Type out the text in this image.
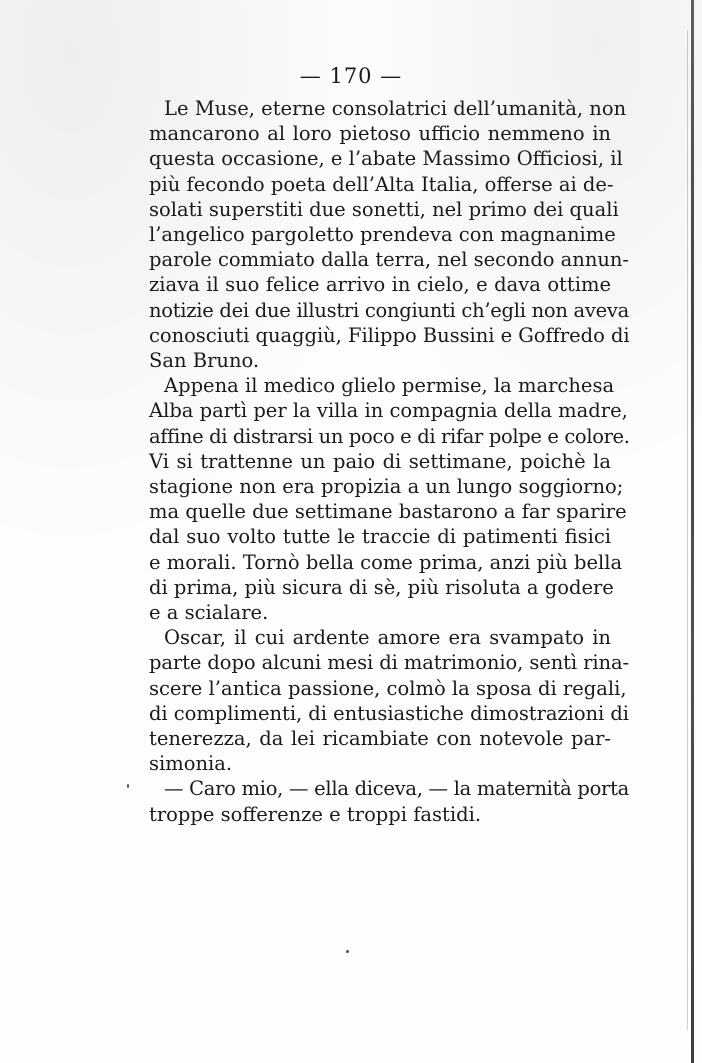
— 170 —

Le Muse, eterne consolatrici dell’umanità, non
mancarono al loro pietoso ufficio nemmeno in
questa occasione, e l’abate Massimo Officiosi, il
più fecondo poeta dell’Alta Italia, offerse ai de-
solati superstiti due sonetti, nel primo dei quali
l’angelico pargoletto prendeva con magnanime
parole commiato dalla terra, nel secondo annun-
ziava il suo felice arrivo in cielo, e dava ottime
notizie dei due illustri congiunti ch’egli non aveva
conosciuti quaggiù, Filippo Bussini e Goffredo di
San Bruno.

Appena il medico glielo permise, la marchesa
Alba partì per la villa in compagnia della madre,
affine di distrarsi un poco e di rifar polpe e colore.
Vi si trattenne un paio di settimane, poichè la
stagione non era propizia a un lungo soggiorno;
ma quelle due settimane bastarono a far sparire
dal suo volto tutte le traccie di patimenti fisici
e morali. Tornò bella come prima, anzi più bella
di prima, più sicura di sè, più risoluta a godere
e a scialare.

Oscar, il cui ardente amore era svampato in
parte dopo alcuni mesi di matrimonio, sentì rina-
scere l’antica passione, colmò la sposa di regali,
di complimenti, di entusiastiche dimostrazioni di
tenerezza, da lei ricambiate con notevole par-
simonia.

— Caro mio, — ella diceva, — la maternità porta
troppe sofferenze e troppi fastidi.
